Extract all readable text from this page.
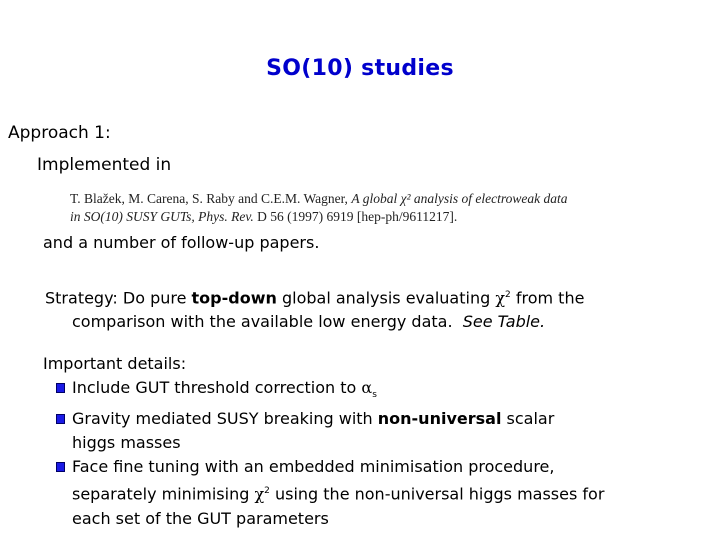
SO(10) studies
Approach 1:
Implemented in
T. Blažek, M. Carena, S. Raby and C.E.M. Wagner, A global χ² analysis of electroweak data
in SO(10) SUSY GUTs, Phys. Rev. D 56 (1997) 6919 [hep-ph/9611217].
and a number of follow-up papers.
Strategy: Do pure top-down global analysis evaluating $\chi^2$ from the
comparison with the available low energy data. See Table.
Important details:
Include GUT threshold correction to $\alpha_s$
Gravity mediated SUSY breaking with non-universal scalar
higgs masses
Face fine tuning with an embedded minimisation procedure,
separately minimising $\chi^2$ using the non-universal higgs masses for
each set of the GUT parameters
